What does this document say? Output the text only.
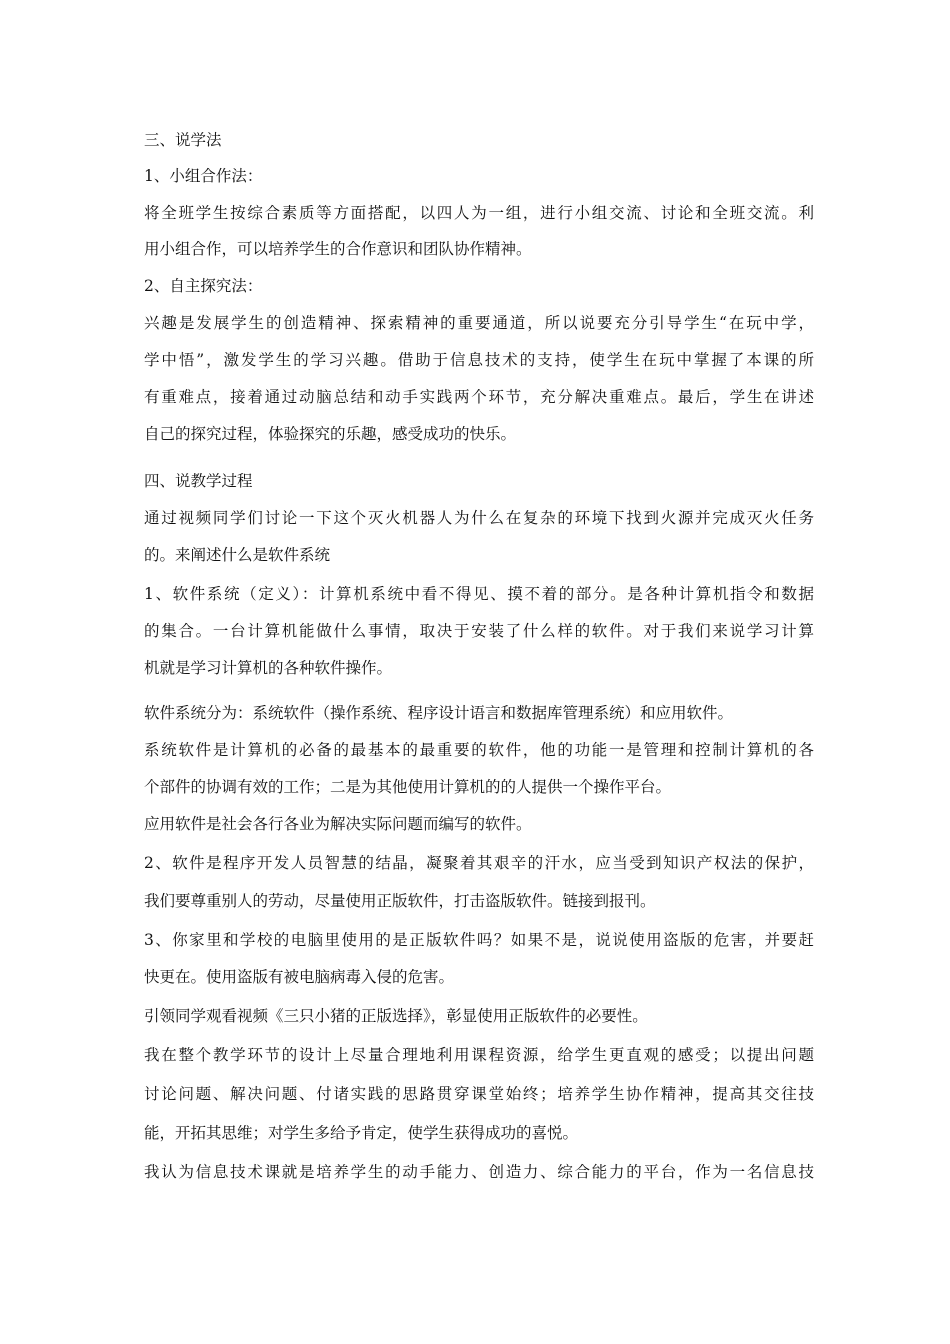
三、说学法
1、小组合作法：
将全班学生按综合素质等方面搭配，以四人为一组，进行小组交流、讨论和全班交流。利
用小组合作，可以培养学生的合作意识和团队协作精神。
2、自主探究法：
兴趣是发展学生的创造精神、探索精神的重要通道，所以说要充分引导学生“在玩中学，
学中悟”，激发学生的学习兴趣。借助于信息技术的支持，使学生在玩中掌握了本课的所
有重难点，接着通过动脑总结和动手实践两个环节，充分解决重难点。最后，学生在讲述
自己的探究过程，体验探究的乐趣，感受成功的快乐。
四、说教学过程
通过视频同学们讨论一下这个灭火机器人为什么在复杂的环境下找到火源并完成灭火任务
的。来阐述什么是软件系统
1、软件系统（定义）：计算机系统中看不得见、摸不着的部分。是各种计算机指令和数据
的集合。一台计算机能做什么事情，取决于安装了什么样的软件。对于我们来说学习计算
机就是学习计算机的各种软件操作。
软件系统分为：系统软件（操作系统、程序设计语言和数据库管理系统）和应用软件。
系统软件是计算机的必备的最基本的最重要的软件，他的功能一是管理和控制计算机的各
个部件的协调有效的工作；二是为其他使用计算机的的人提供一个操作平台。
应用软件是社会各行各业为解决实际问题而编写的软件。
2、软件是程序开发人员智慧的结晶，凝聚着其艰辛的汗水，应当受到知识产权法的保护，
我们要尊重别人的劳动，尽量使用正版软件，打击盗版软件。链接到报刊。
3、你家里和学校的电脑里使用的是正版软件吗？如果不是，说说使用盗版的危害，并要赶
快更在。使用盗版有被电脑病毒入侵的危害。
引领同学观看视频《三只小猪的正版选择》，彰显使用正版软件的必要性。
我在整个教学环节的设计上尽量合理地利用课程资源，给学生更直观的感受；以提出问题
讨论问题、解决问题、付诸实践的思路贯穿课堂始终；培养学生协作精神，提高其交往技
能，开拓其思维；对学生多给予肯定，使学生获得成功的喜悦。
我认为信息技术课就是培养学生的动手能力、创造力、综合能力的平台，作为一名信息技
